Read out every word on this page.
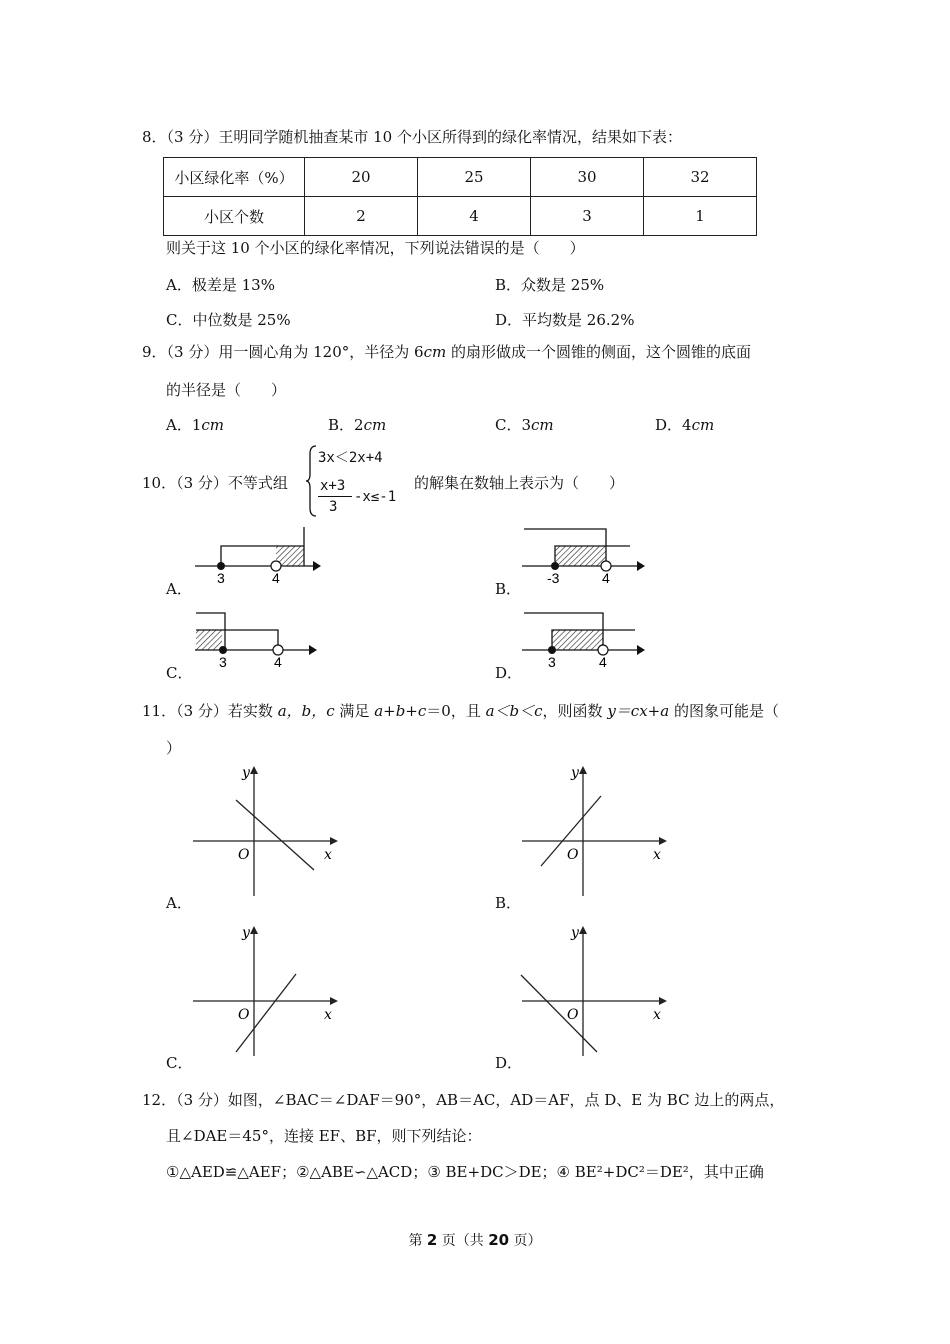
8．（3 分）王明同学随机抽查某市 10 个小区所得到的绿化率情况，结果如下表：
小区绿化率（%）	20	25	30	32
小区个数	2	4	3	1
则关于这 10 个小区的绿化率情况，下列说法错误的是（　　）
A．极差是 13%	B．众数是 25%
C．中位数是 25%	D．平均数是 26.2%
9．（3 分）用一圆心角为 120°，半径为 6cm 的扇形做成一个圆锥的侧面，这个圆锥的底面
的半径是（　　）
A．1cm	B．2cm	C．3cm	D．4cm
10．（3 分）不等式组
3x＜2x+4
x+3
3
-x≤-1
的解集在数轴上表示为（　　）
A．
3	4
B．
-3	4
C．
3	4
D．
3	4
11．（3 分）若实数 a，b，c 满足 a+b+c＝0，且 a＜b＜c，则函数 y＝cx+a 的图象可能是（
）
y
x
O
A．
y
x
O
B．
y
x
O
C．
y
x
O
D．
12．（3 分）如图，∠BAC＝∠DAF＝90°，AB＝AC，AD＝AF，点 D、E 为 BC 边上的两点，
且∠DAE＝45°，连接 EF、BF，则下列结论：
①△AED≌△AEF；②△ABE∽△ACD；③ BE+DC＞DE；④ BE²+DC²＝DE²，其中正确
第 2 页（共 20 页）
